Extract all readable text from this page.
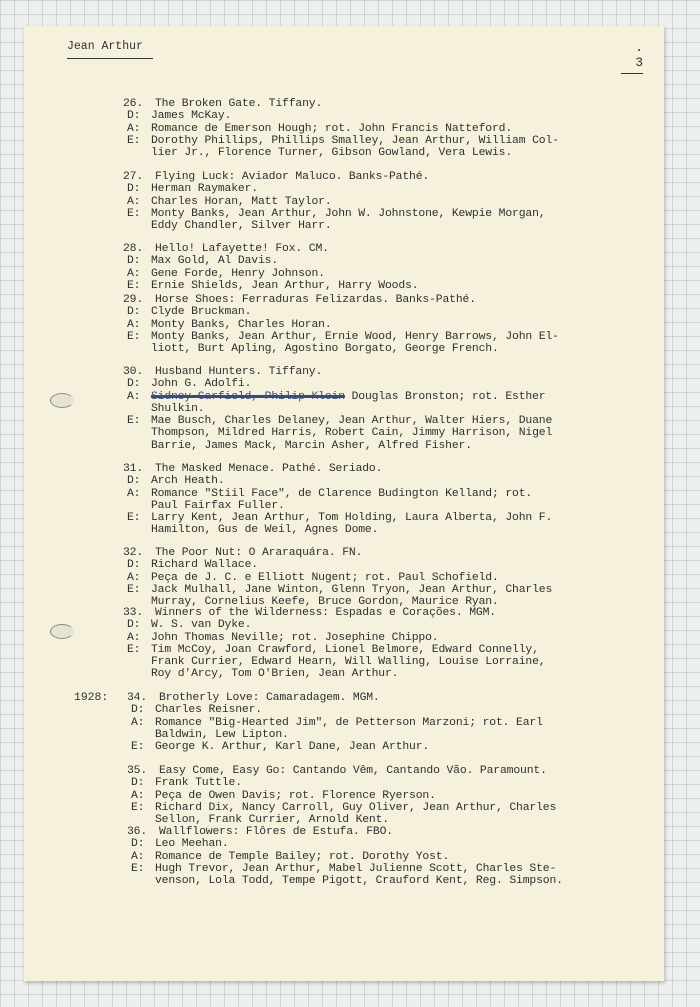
Jean Arthur	. 3
1928:
26. The Broken Gate. Tiffany.
D: James McKay.
A: Romance de Emerson Hough; rot. John Francis Natteford.
E: Dorothy Phillips, Phillips Smalley, Jean Arthur, William Col-
lier Jr., Florence Turner, Gibson Gowland, Vera Lewis.
27. Flying Luck: Aviador Maluco. Banks-Pathé.
D: Herman Raymaker.
A: Charles Horan, Matt Taylor.
E: Monty Banks, Jean Arthur, John W. Johnstone, Kewpie Morgan,
Eddy Chandler, Silver Harr.
28. Hello! Lafayette! Fox. CM.
D: Max Gold, Al Davis.
A: Gene Forde, Henry Johnson.
E: Ernie Shields, Jean Arthur, Harry Woods.
29. Horse Shoes: Ferraduras Felizardas. Banks-Pathé.
D: Clyde Bruckman.
A: Monty Banks, Charles Horan.
E: Monty Banks, Jean Arthur, Ernie Wood, Henry Barrows, John El-
liott, Burt Apling, Agostino Borgato, George French.
30. Husband Hunters. Tiffany.
D: John G. Adolfi.
A: Sidney Garfield, Philip Klein Douglas Bronston; rot. Esther
Shulkin.
E: Mae Busch, Charles Delaney, Jean Arthur, Walter Hiers, Duane
Thompson, Mildred Harris, Robert Cain, Jimmy Harrison, Nigel
Barrie, James Mack, Marcin Asher, Alfred Fisher.
31. The Masked Menace. Pathé. Seriado.
D: Arch Heath.
A: Romance "Stiil Face", de Clarence Budington Kelland; rot.
Paul Fairfax Fuller.
E: Larry Kent, Jean Arthur, Tom Holding, Laura Alberta, John F.
Hamilton, Gus de Weil, Agnes Dome.
32. The Poor Nut: O Araraquára. FN.
D: Richard Wallace.
A: Peça de J. C. e Elliott Nugent; rot. Paul Schofield.
E: Jack Mulhall, Jane Winton, Glenn Tryon, Jean Arthur, Charles
Murray, Cornelius Keefe, Bruce Gordon, Maurice Ryan.
33. Winners of the Wilderness: Espadas e Corações. MGM.
D: W. S. van Dyke.
A: John Thomas Neville; rot. Josephine Chippo.
E: Tim McCoy, Joan Crawford, Lionel Belmore, Edward Connelly,
Frank Currier, Edward Hearn, Will Walling, Louise Lorraine,
Roy d'Arcy, Tom O'Brien, Jean Arthur.
34. Brotherly Love: Camaradagem. MGM.
D: Charles Reisner.
A: Romance "Big-Hearted Jim", de Petterson Marzoni; rot. Earl
Baldwin, Lew Lipton.
E: George K. Arthur, Karl Dane, Jean Arthur.
35. Easy Come, Easy Go: Cantando Vêm, Cantando Vão. Paramount.
D: Frank Tuttle.
A: Peça de Owen Davis; rot. Florence Ryerson.
E: Richard Dix, Nancy Carroll, Guy Oliver, Jean Arthur, Charles
Sellon, Frank Currier, Arnold Kent.
36. Wallflowers: Flôres de Estufa. FBO.
D: Leo Meehan.
A: Romance de Temple Bailey; rot. Dorothy Yost.
E: Hugh Trevor, Jean Arthur, Mabel Julienne Scott, Charles Ste-
venson, Lola Todd, Tempe Pigott, Crauford Kent, Reg. Simpson.
